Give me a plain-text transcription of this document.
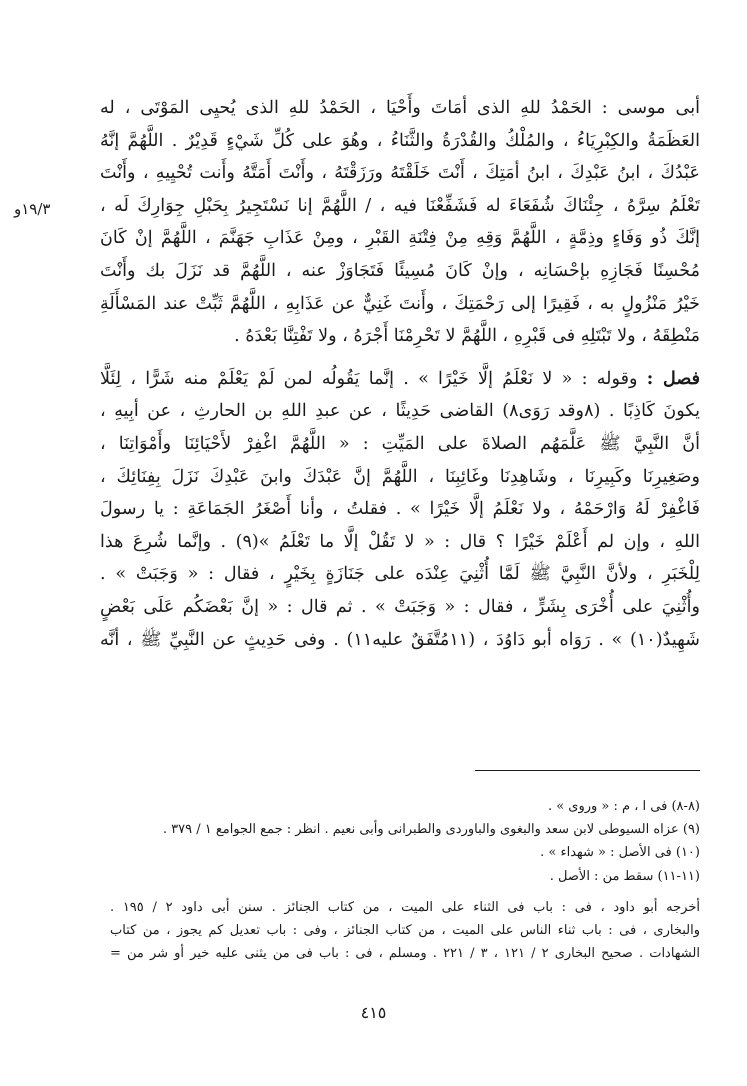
١٩/٣و
أبى موسى : الحَمْدُ للهِ الذى أمَاتَ وأَحْيَا ، الحَمْدُ للهِ الذى يُحيِى المَوْتَى ، له
العَظَمَةُ والكِبْرِيَاءُ ، والمُلْكُ والقُدْرَةُ والثَّنَاءُ ، وهُوَ على كُلِّ شَيْءٍ قَدِيْرٌ . اللَّهُمَّ إنَّهُ
عَبْدُكَ ، ابنُ عَبْدِكَ ، ابنُ أمَتِكَ ، أَنْتَ خَلَقْتَهُ ورَزَقْتَهُ ، وأَنْتَ أَمَتَّهُ وأَنت تُحْيِيهِ ، وأَنْتَ
تَعْلَمُ سِرَّهُ ، جِئْنَاكَ شُفَعَاءَ له فَشَفِّعْنَا فيه ، / اللَّهُمَّ إنا نَسْتَجِيرُ بِحَبْلِ جِوَارِكَ لَه ،
إنَّكَ ذُو وَفَاءٍ وذِمَّةٍ ، اللَّهُمَّ وَقِهِ مِنْ فِتْنَةِ القَبْرِ ، ومِنْ عَذَابِ جَهَنَّمَ ، اللَّهُمَّ إنْ كَانَ
مُحْسِنًا فَجَازِهِ بإحْسَانِه ، وإنْ كَانَ مُسِيئًا فَتَجَاوَزْ عنه ، اللَّهُمَّ قد نَزَلَ بك وأَنْتَ
خَيْرُ مَنْزُولٍ به ، فَقِيرًا إلى رَحْمَتِكَ ، وأَنتَ غَنِيٌّ عن عَذَابِهِ ، اللَّهُمَّ ثَبِّتْ عند المَسْأَلَةِ
مَنْطِقَهُ ، ولا تَبْتَلِهِ فى قَبْرِهِ ، اللَّهُمَّ لا تَحْرِمْنَا أَجْرَهُ ، ولا تَفْتِنَّا بَعْدَهُ .
فصل : وقوله : « لا نَعْلَمُ إلَّا خَيْرًا » . إنَّما يَقُولُه لمن لَمْ يَعْلَمْ منه شَرًّا ، لِئَلَّا
يكونَ كَاذِبًا . (٨وقد رَوَى٨) القاضى حَدِيثًا ، عن عبدِ اللهِ بن الحارثِ ، عن أبِيهِ ،
أنَّ النَّبِيَّ ﷺ عَلَّمَهُم الصلاةَ على المَيِّتِ : « اللَّهُمَّ اغْفِرْ لأَحْيَائِنَا وأَمْوَاتِنَا ،
وصَغِيرِنَا وكَبِيرِنَا ، وشَاهِدِنَا وغَائِبِنَا ، اللَّهُمَّ إنَّ عَبْدَكَ وابنَ عَبْدِكَ نَزَلَ بِفِنَائِكَ ،
فَاغْفِرْ لَهُ وَارْحَمْهُ ، ولا نَعْلَمُ إلَّا خَيْرًا » . فقلتُ ، وأنا أَصْغَرُ الجَمَاعَةِ : يا رسولَ
اللهِ ، وإن لم أَعْلَمْ خَيْرًا ؟ قال : « لا تَقُلْ إلَّا ما تَعْلَمُ »(٩) . وإنَّما شُرِعَ هذا
لِلْخَبَرِ ، ولأنَّ النَّبِيَّ ﷺ لَمَّا أُثْنِيَ عِنْدَه على جَنَازَةٍ بِخَيْرٍ ، فقال : « وَجَبَتْ » .
وأُثْنِيَ على أُخْرَى بِشَرٍّ ، فقال : « وَجَبَتْ » . ثم قال : « إنَّ بَعْضَكُم عَلَى بَعْضٍ
شَهِيدٌ(١٠) » . رَوَاه أبو دَاوُدَ ، (١١مُتَّفَقٌ عليه١١) . وفى حَدِيثٍ عن النَّبِيِّ ﷺ ، أنَّه
(٨-٨) فى ا ، م : « وروى » .
(٩) عزاه السيوطى لابن سعد والبغوى والباوردى والطبرانى وأبى نعيم . انظر : جمع الجوامع ١ / ٣٧٩ .
(١٠) فى الأصل : « شهداء » .
(١١-١١) سقط من : الأصل .
أخرجه أبو داود ، فى : باب فى الثناء على الميت ، من كتاب الجنائز . سنن أبى داود ٢ / ١٩٥ .
والبخارى ، فى : باب ثناء الناس على الميت ، من كتاب الجنائز ، وفى : باب تعديل كم يجوز ، من كتاب
الشهادات . صحيح البخارى ٢ / ١٢١ ، ٣ / ٢٢١ . ومسلم ، فى : باب فى من يثنى عليه خير أو شر من =
٤١٥
